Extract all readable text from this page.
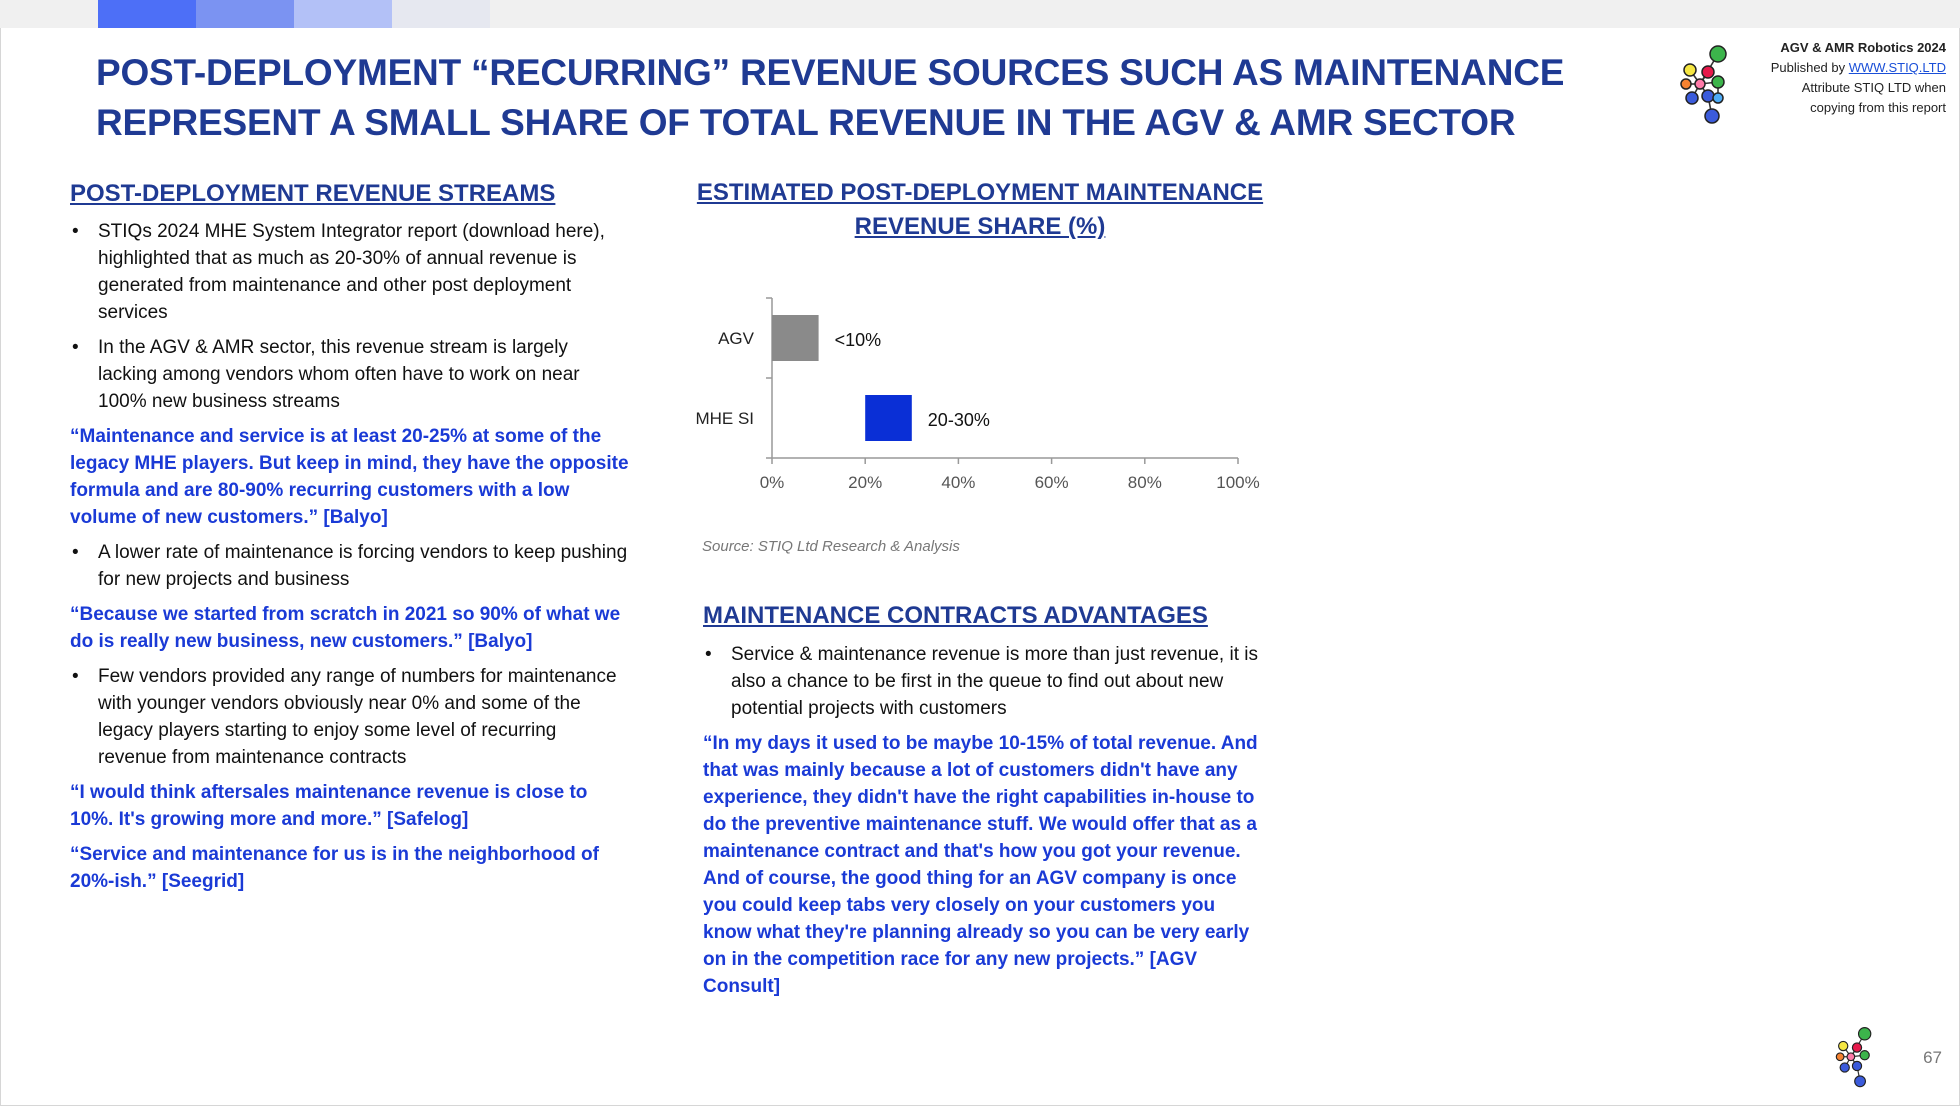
POST-DEPLOYMENT “RECURRING” REVENUE SOURCES SUCH AS MAINTENANCE
REPRESENT A SMALL SHARE OF TOTAL REVENUE IN THE AGV & AMR SECTOR
AGV & AMR Robotics 2024
Published by WWW.STIQ.LTD
Attribute STIQ LTD when
copying from this report
POST-DEPLOYMENT REVENUE STREAMS
• STIQs 2024 MHE System Integrator report (download here), highlighted that as much as 20-30% of annual revenue is generated from maintenance and other post deployment services
• In the AGV & AMR sector, this revenue stream is largely lacking among vendors whom often have to work on near 100% new business streams
“Maintenance and service is at least 20-25% at some of the legacy MHE players. But keep in mind, they have the opposite formula and are 80-90% recurring customers with a low volume of new customers.” [Balyo]
• A lower rate of maintenance is forcing vendors to keep pushing for new projects and business
“Because we started from scratch in 2021 so 90% of what we do is really new business, new customers.” [Balyo]
• Few vendors provided any range of numbers for maintenance with younger vendors obviously near 0% and some of the legacy players starting to enjoy some level of recurring revenue from maintenance contracts
“I would think aftersales maintenance revenue is close to 10%. It's growing more and more.” [Safelog]
“Service and maintenance for us is in the neighborhood of 20%-ish.” [Seegrid]
ESTIMATED POST-DEPLOYMENT MAINTENANCE REVENUE SHARE (%)
0%	20%	40%	60%	80%	100%
AGV	<10%
MHE SI	20-30%
Source: STIQ Ltd Research & Analysis
MAINTENANCE CONTRACTS ADVANTAGES
• Service & maintenance revenue is more than just revenue, it is also a chance to be first in the queue to find out about new potential projects with customers
“In my days it used to be maybe 10-15% of total revenue. And that was mainly because a lot of customers didn't have any experience, they didn't have the right capabilities in-house to do the preventive maintenance stuff. We would offer that as a maintenance contract and that's how you got your revenue. And of course, the good thing for an AGV company is once you could keep tabs very closely on your customers you know what they're planning already so you can be very early on in the competition race for any new projects.” [AGV Consult]
67
